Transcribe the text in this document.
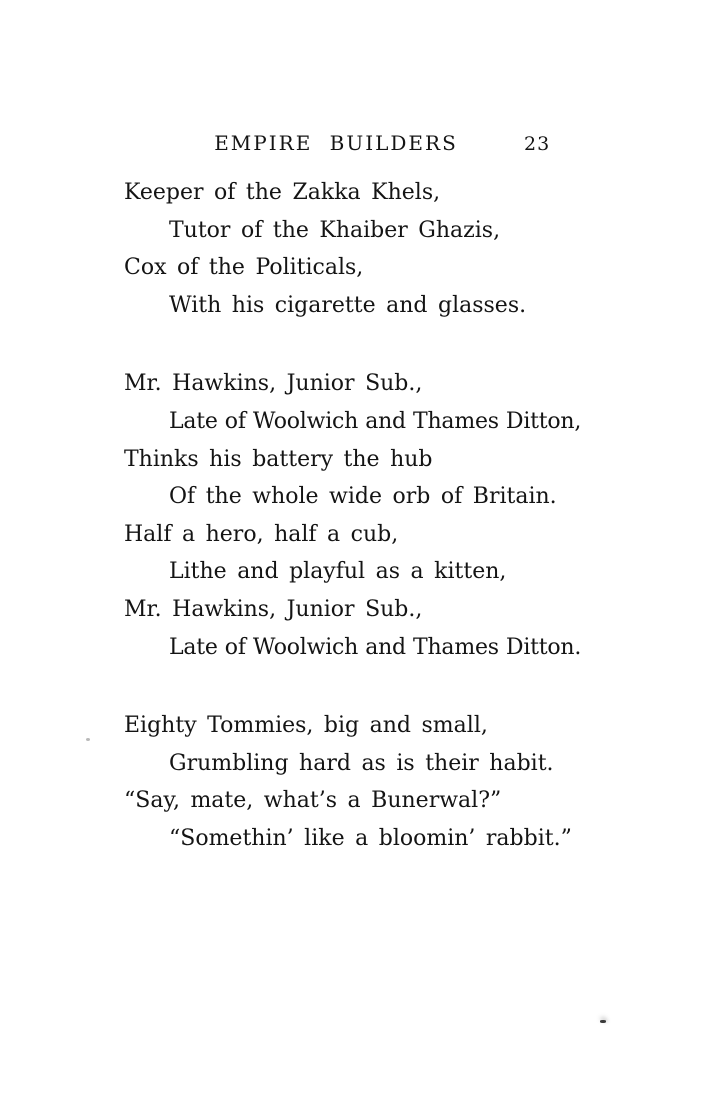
EMPIRE BUILDERS	23
Keeper of the Zakka Khels,
Tutor of the Khaiber Ghazis,
Cox of the Politicals,
With his cigarette and glasses.
Mr. Hawkins, Junior Sub.,
Late of Woolwich and Thames Ditton,
Thinks his battery the hub
Of the whole wide orb of Britain.
Half a hero, half a cub,
Lithe and playful as a kitten,
Mr. Hawkins, Junior Sub.,
Late of Woolwich and Thames Ditton.
Eighty Tommies, big and small,
Grumbling hard as is their habit.
“Say, mate, what’s a Bunerwal?”
“Somethin’ like a bloomin’ rabbit.”
